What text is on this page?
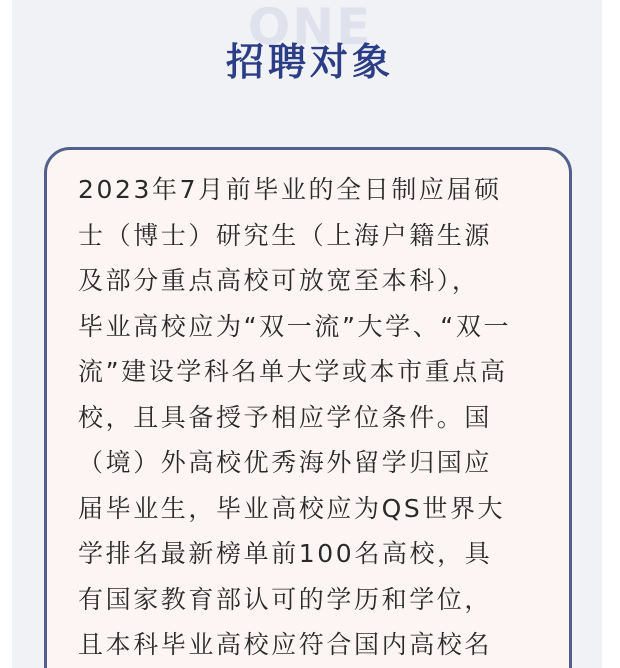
ONE
招聘对象

2023年7月前毕业的全日制应届硕
士（博士）研究生（上海户籍生源
及部分重点高校可放宽至本科），
毕业高校应为“双一流”大学、“双一
流”建设学科名单大学或本市重点高
校，且具备授予相应学位条件。国
（境）外高校优秀海外留学归国应
届毕业生，毕业高校应为QS世界大
学排名最新榜单前100名高校，具
有国家教育部认可的学历和学位，
且本科毕业高校应符合国内高校名
